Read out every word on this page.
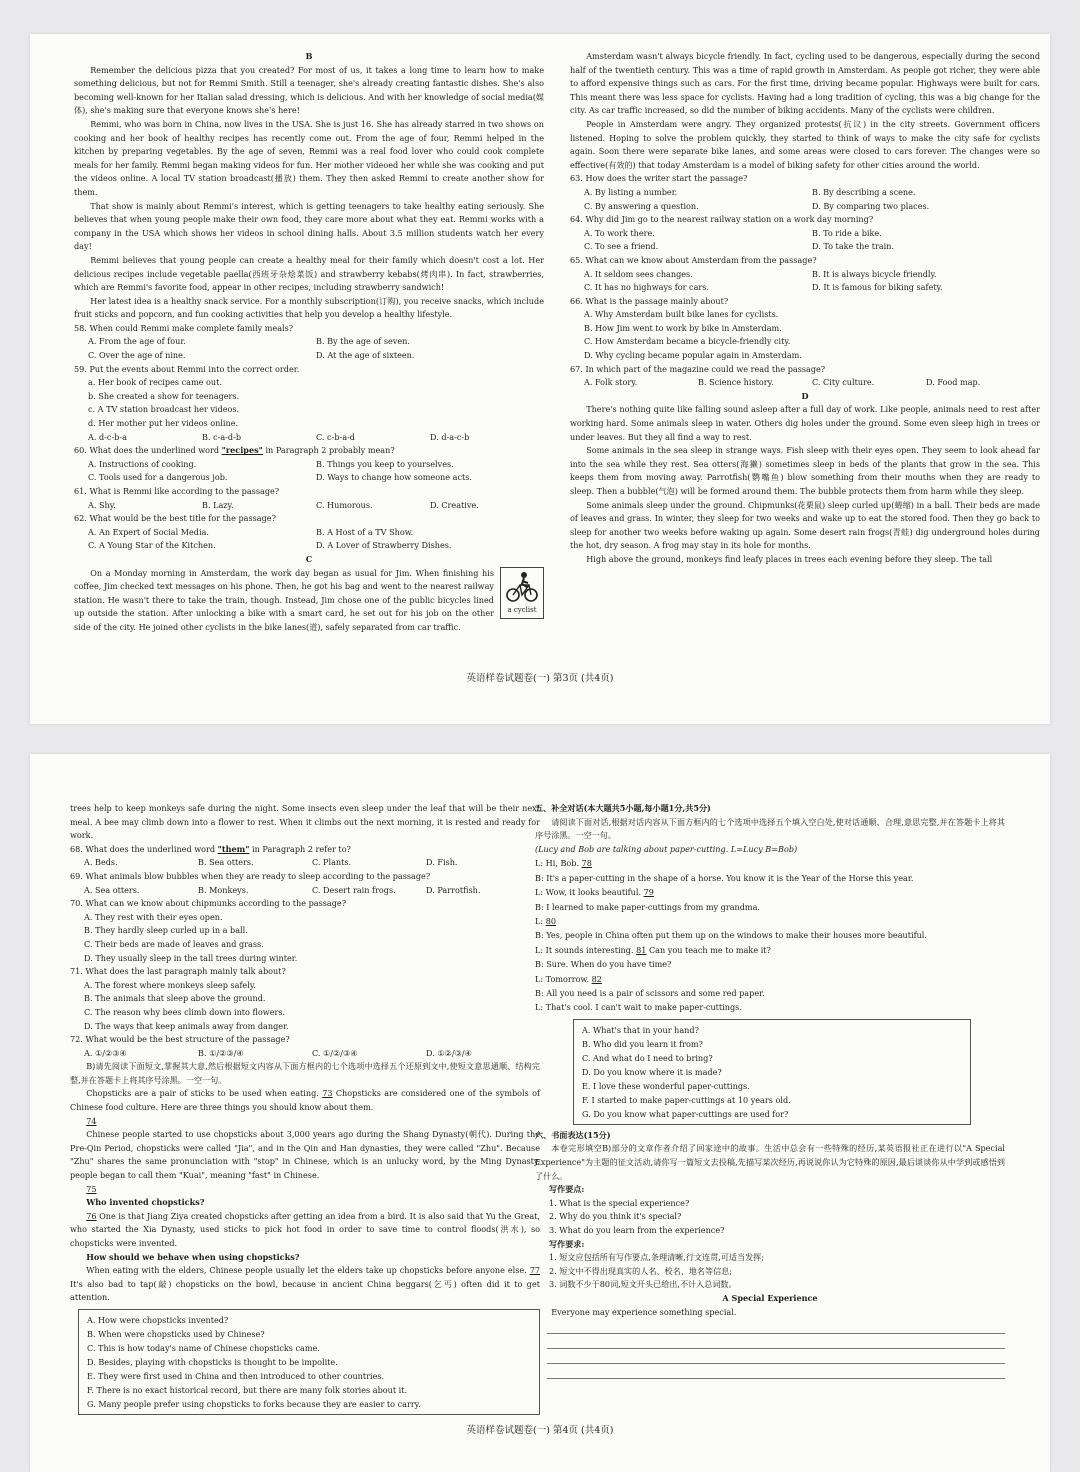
B

Remember the delicious pizza that you created? For most of us, it takes a long time to learn how to make something delicious, but not for Remmi Smith. Still a teenager, she's already creating fantastic dishes. She's also becoming well-known for her Italian salad dressing, which is delicious. And with her knowledge of social media(媒体), she's making sure that everyone knows she's here!

Remmi, who was born in China, now lives in the USA. She is just 16. She has already starred in two shows on cooking and her book of healthy recipes has recently come out. From the age of four, Remmi helped in the kitchen by preparing vegetables. By the age of seven, Remmi was a real food lover who could cook complete meals for her family. Remmi began making videos for fun. Her mother videoed her while she was cooking and put the videos online. A local TV station broadcast(播放) them. They then asked Remmi to create another show for them.

That show is mainly about Remmi's interest, which is getting teenagers to take healthy eating seriously. She believes that when young people make their own food, they care more about what they eat. Remmi works with a company in the USA which shows her videos in school dining halls. About 3.5 million students watch her every day!

Remmi believes that young people can create a healthy meal for their family which doesn't cost a lot. Her delicious recipes include vegetable paella(西班牙杂烩菜饭) and strawberry kebabs(烤肉串). In fact, strawberries, which are Remmi's favorite food, appear in other recipes, including strawberry sandwich!

Her latest idea is a healthy snack service. For a monthly subscription(订购), you receive snacks, which include fruit sticks and popcorn, and fun cooking activities that help you develop a healthy lifestyle.

58. When could Remmi make complete family meals?
A. From the age of four.	B. By the age of seven.
C. Over the age of nine.	D. At the age of sixteen.
59. Put the events about Remmi into the correct order.
a. Her book of recipes came out.
b. She created a show for teenagers.
c. A TV station broadcast her videos.
d. Her mother put her videos online.
A. d-c-b-a	B. c-a-d-b	C. c-b-a-d	D. d-a-c-b
60. What does the underlined word "recipes" in Paragraph 2 probably mean?
A. Instructions of cooking.	B. Things you keep to yourselves.
C. Tools used for a dangerous job.	D. Ways to change how someone acts.
61. What is Remmi like according to the passage?
A. Shy.	B. Lazy.	C. Humorous.	D. Creative.
62. What would be the best title for the passage?
A. An Expert of Social Media.	B. A Host of a TV Show.
C. A Young Star of the Kitchen.	D. A Lover of Strawberry Dishes.
C
a cyclist

On a Monday morning in Amsterdam, the work day began as usual for Jim. When finishing his coffee, Jim checked text messages on his phone. Then, he got his bag and went to the nearest railway station. He wasn't there to take the train, though. Instead, Jim chose one of the public bicycles lined up outside the station. After unlocking a bike with a smart card, he set out for his job on the other side of the city. He joined other cyclists in the bike lanes(道), safely separated from car traffic.

Amsterdam wasn't always bicycle friendly. In fact, cycling used to be dangerous, especially during the second half of the twentieth century. This was a time of rapid growth in Amsterdam. As people got richer, they were able to afford expensive things such as cars. For the first time, driving became popular. Highways were built for cars. This meant there was less space for cyclists. Having had a long tradition of cycling, this was a big change for the city. As car traffic increased, so did the number of biking accidents. Many of the cyclists were children.

People in Amsterdam were angry. They organized protests(抗议) in the city streets. Government officers listened. Hoping to solve the problem quickly, they started to think of ways to make the city safe for cyclists again. Soon there were separate bike lanes, and some areas were closed to cars forever. The changes were so effective(有效的) that today Amsterdam is a model of biking safety for other cities around the world.

63. How does the writer start the passage?
A. By listing a number.	B. By describing a scene.
C. By answering a question.	D. By comparing two places.
64. Why did Jim go to the nearest railway station on a work day morning?
A. To work there.	B. To ride a bike.
C. To see a friend.	D. To take the train.
65. What can we know about Amsterdam from the passage?
A. It seldom sees changes.	B. It is always bicycle friendly.
C. It has no highways for cars.	D. It is famous for biking safety.
66. What is the passage mainly about?
A. Why Amsterdam built bike lanes for cyclists.
B. How Jim went to work by bike in Amsterdam.
C. How Amsterdam became a bicycle-friendly city.
D. Why cycling became popular again in Amsterdam.
67. In which part of the magazine could we read the passage?
A. Folk story.	B. Science history.	C. City culture.	D. Food map.
D

There's nothing quite like falling sound asleep after a full day of work. Like people, animals need to rest after working hard. Some animals sleep in water. Others dig holes under the ground. Some even sleep high in trees or under leaves. But they all find a way to rest.

Some animals in the sea sleep in strange ways. Fish sleep with their eyes open. They seem to look ahead far into the sea while they rest. Sea otters(海獭) sometimes sleep in beds of the plants that grow in the sea. This keeps them from moving away. Parrotfish(鹦嘴鱼) blow something from their mouths when they are ready to sleep. Then a bubble(气泡) will be formed around them. The bubble protects them from harm while they sleep.

Some animals sleep under the ground. Chipmunks(花栗鼠) sleep curled up(蜷缩) in a ball. Their beds are made of leaves and grass. In winter, they sleep for two weeks and wake up to eat the stored food. Then they go back to sleep for another two weeks before waking up again. Some desert rain frogs(青蛙) dig underground holes during the hot, dry season. A frog may stay in its hole for months.

High above the ground, monkeys find leafy places in trees each evening before they sleep. The tall

英语样卷试题卷(一) 第3页 (共4页)
trees help to keep monkeys safe during the night. Some insects even sleep under the leaf that will be their next meal. A bee may climb down into a flower to rest. When it climbs out the next morning, it is rested and ready for work.
68. What does the underlined word "them" in Paragraph 2 refer to?
A. Beds.	B. Sea otters.	C. Plants.	D. Fish.
69. What animals blow bubbles when they are ready to sleep according to the passage?
A. Sea otters.	B. Monkeys.	C. Desert rain frogs.	D. Parrotfish.
70. What can we know about chipmunks according to the passage?
A. They rest with their eyes open.
B. They hardly sleep curled up in a ball.
C. Their beds are made of leaves and grass.
D. They usually sleep in the tall trees during winter.
71. What does the last paragraph mainly talk about?
A. The forest where monkeys sleep safely.
B. The animals that sleep above the ground.
C. The reason why bees climb down into flowers.
D. The ways that keep animals away from danger.
72. What would be the best structure of the passage?
A. ①/②③④	B. ①/②③/④	C. ①/②/③④	D. ①②/③/④

B)请先阅读下面短文,掌握其大意,然后根据短文内容从下面方框内的七个选项中选择五个还原到文中,使短文意思通顺、结构完整,并在答题卡上将其序号涂黑。一空一句。

Chopsticks are a pair of sticks to be used when eating. 73 Chopsticks are considered one of the symbols of Chinese food culture. Here are three things you should know about them.

74

Chinese people started to use chopsticks about 3,000 years ago during the Shang Dynasty(朝代). During the Pre-Qin Period, chopsticks were called "Jia", and in the Qin and Han dynasties, they were called "Zhu". Because "Zhu" shares the same pronunciation with "stop" in Chinese, which is an unlucky word, by the Ming Dynasty, people began to call them "Kuai", meaning "fast" in Chinese.

75

Who invented chopsticks?

76 One is that Jiang Ziya created chopsticks after getting an idea from a bird. It is also said that Yu the Great, who started the Xia Dynasty, used sticks to pick hot food in order to save time to control floods(洪水), so chopsticks were invented.

How should we behave when using chopsticks?

When eating with the elders, Chinese people usually let the elders take up chopsticks before anyone else. 77 It's also bad to tap(敲) chopsticks on the bowl, because in ancient China beggars(乞丐) often did it to get attention.

A. How were chopsticks invented?
B. When were chopsticks used by Chinese?
C. This is how today's name of Chinese chopsticks came.
D. Besides, playing with chopsticks is thought to be impolite.
E. They were first used in China and then introduced to other countries.
F. There is no exact historical record, but there are many folk stories about it.
G. Many people prefer using chopsticks to forks because they are easier to carry.
五、补全对话(本大题共5小题,每小题1分,共5分)

请阅读下面对话,根据对话内容从下面方框内的七个选项中选择五个填入空白处,使对话通顺、合理,意思完整,并在答题卡上将其序号涂黑。一空一句。

(Lucy and Bob are talking about paper-cutting. L=Lucy B=Bob)
L: Hi, Bob. 78
B: It's a paper-cutting in the shape of a horse. You know it is the Year of the Horse this year.
L: Wow, it looks beautiful. 79
B: I learned to make paper-cuttings from my grandma.
L: 80
B: Yes, people in China often put them up on the windows to make their houses more beautiful.
L: It sounds interesting. 81 Can you teach me to make it?
B: Sure. When do you have time?
L: Tomorrow. 82
B: All you need is a pair of scissors and some red paper.
L: That's cool. I can't wait to make paper-cuttings.
A. What's that in your hand?
B. Who did you learn it from?
C. And what do I need to bring?
D. Do you know where it is made?
E. I love these wonderful paper-cuttings.
F. I started to make paper-cuttings at 10 years old.
G. Do you know what paper-cuttings are used for?
六、书面表达(15分)

本卷完形填空B)部分的文章作者介绍了回家途中的故事。生活中总会有一些特殊的经历,某英语报社正在进行以"A Special Experience"为主题的征文活动,请你写一篇短文去投稿,先描写某次经历,再说说你认为它特殊的原因,最后谈谈你从中学到或感悟到了什么。

写作要点:
1. What is the special experience?
2. Why do you think it's special?
3. What do you learn from the experience?
写作要求:
1. 短文应包括所有写作要点,条理清晰,行文连贯,可适当发挥;
2. 短文中不得出现真实的人名、校名、地名等信息;
3. 词数不少于80词,短文开头已给出,不计入总词数。
A Special Experience

Everyone may experience something special.

英语样卷试题卷(一) 第4页 (共4页)
